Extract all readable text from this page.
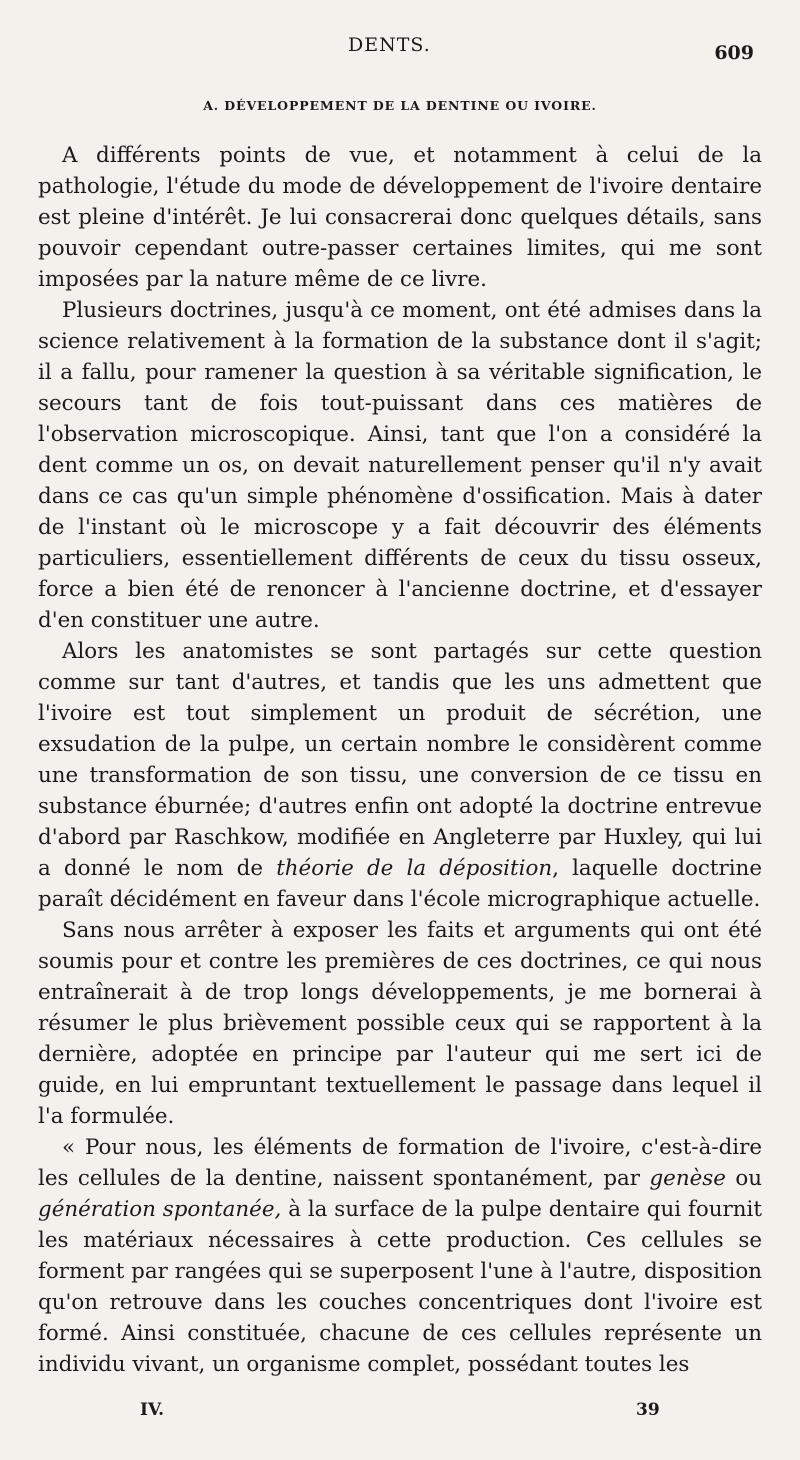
DENTS.	609
A. DÉVELOPPEMENT DE LA DENTINE OU IVOIRE.

A différents points de vue, et notamment à celui de la pathologie, l'étude du mode de développement de l'ivoire dentaire est pleine d'intérêt. Je lui consacrerai donc quelques détails, sans pouvoir cependant outre-passer certaines limites, qui me sont imposées par la nature même de ce livre.

Plusieurs doctrines, jusqu'à ce moment, ont été admises dans la science relativement à la formation de la substance dont il s'agit; il a fallu, pour ramener la question à sa véritable signification, le secours tant de fois tout-puissant dans ces matières de l'observation microscopique. Ainsi, tant que l'on a considéré la dent comme un os, on devait naturellement penser qu'il n'y avait dans ce cas qu'un simple phénomène d'ossification. Mais à dater de l'instant où le microscope y a fait découvrir des éléments particuliers, essentiellement différents de ceux du tissu osseux, force a bien été de renoncer à l'ancienne doctrine, et d'essayer d'en constituer une autre.

Alors les anatomistes se sont partagés sur cette question comme sur tant d'autres, et tandis que les uns admettent que l'ivoire est tout simplement un produit de sécrétion, une exsudation de la pulpe, un certain nombre le considèrent comme une transformation de son tissu, une conversion de ce tissu en substance éburnée; d'autres enfin ont adopté la doctrine entrevue d'abord par Raschkow, modifiée en Angleterre par Huxley, qui lui a donné le nom de théorie de la déposition, laquelle doctrine paraît décidément en faveur dans l'école micrographique actuelle.

Sans nous arrêter à exposer les faits et arguments qui ont été soumis pour et contre les premières de ces doctrines, ce qui nous entraînerait à de trop longs développements, je me bornerai à résumer le plus brièvement possible ceux qui se rapportent à la dernière, adoptée en principe par l'auteur qui me sert ici de guide, en lui empruntant textuellement le passage dans lequel il l'a formulée.

« Pour nous, les éléments de formation de l'ivoire, c'est-à-dire les cellules de la dentine, naissent spontanément, par genèse ou génération spontanée, à la surface de la pulpe dentaire qui fournit les matériaux nécessaires à cette production. Ces cellules se forment par rangées qui se superposent l'une à l'autre, disposition qu'on retrouve dans les couches concentriques dont l'ivoire est formé. Ainsi constituée, chacune de ces cellules représente un individu vivant, un organisme complet, possédant toutes les

IV.	39
